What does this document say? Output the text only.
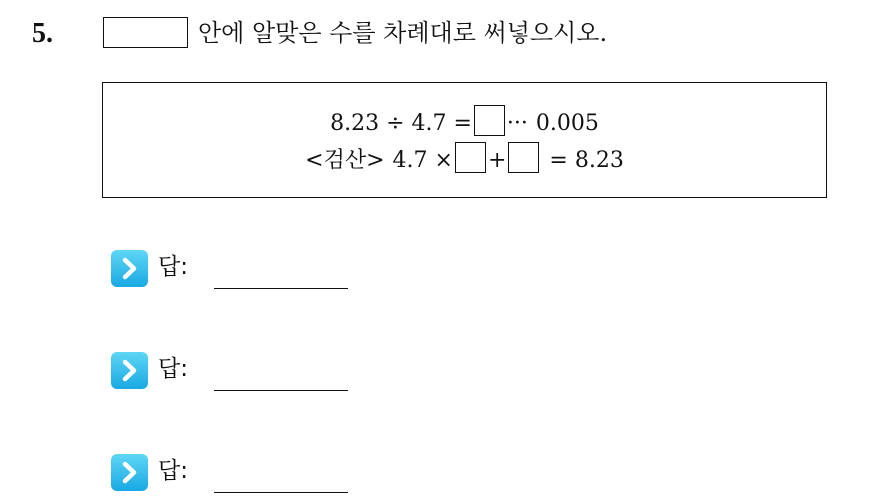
5.	안에 알맞은 수를 차례대로 써넣으시오.
8.23 ÷ 4.7 = ··· 0.005
<검산> 4.7 × + = 8.23
답:
답:
답:
